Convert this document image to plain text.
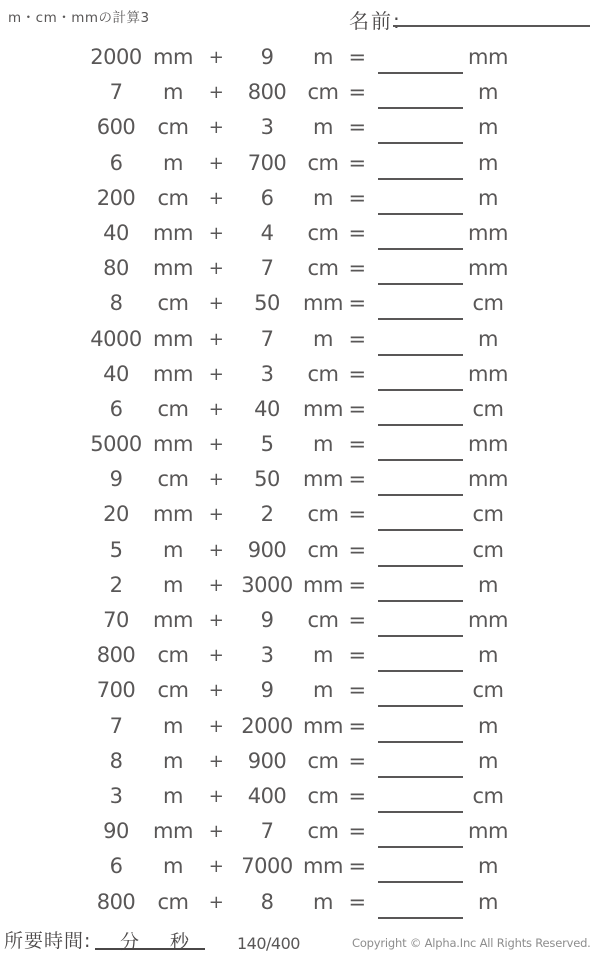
m・cm・mmの計算3	名前:
2000 mm +	9	m =	mm
7	m	+	800	cm =	m
600	cm	+	3	m =	m
6	m	+	700	cm =	m
200	cm	+	6	m =	m
40	mm +	4	cm =	mm
80	mm +	7	cm =	mm
8	cm	+	50	mm =	cm
4000 mm +	7	m =	m
40	mm +	3	cm =	mm
6	cm	+	40	mm =	cm
5000 mm +	5	m =	mm
9	cm	+	50	mm =	mm
20	mm +	2	cm =	cm
5	m	+	900	cm =	cm
2	m	+ 3000 mm =	m
70	mm +	9	cm =	mm
800	cm	+	3	m =	m
700	cm	+	9	m =	cm
7	m	+ 2000 mm =	m
8	m	+	900	cm =	m
3	m	+	400	cm =	cm
90	mm +	7	cm =	mm
6	m	+ 7000 mm =	m
800	cm	+	8	m =	m
所要時間: 分 秒	140/400	Copyright © Alpha.Inc All Rights Reserved.
